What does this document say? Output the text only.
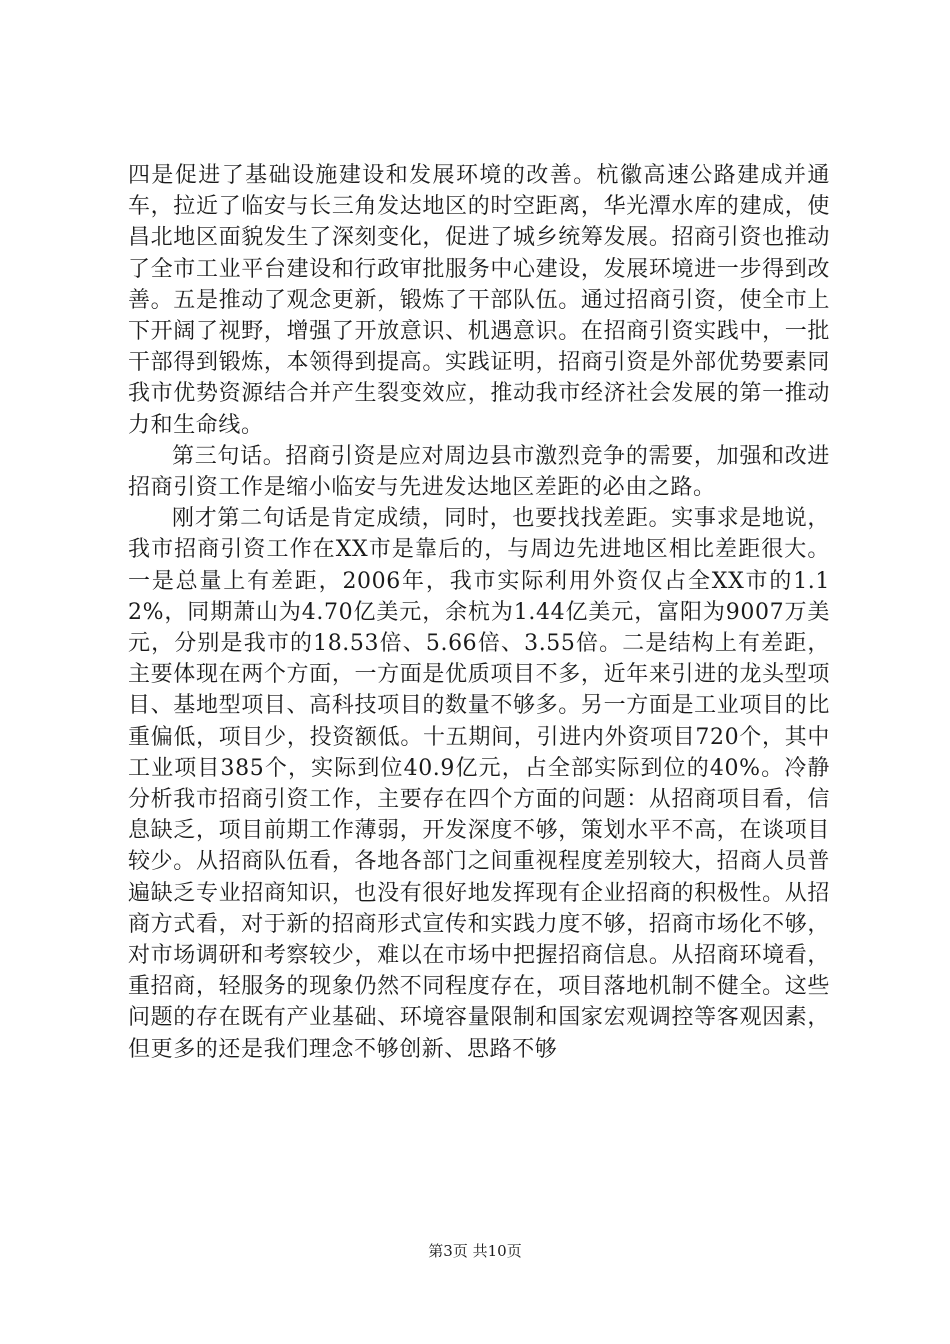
四是促进了基础设施建设和发展环境的改善。杭徽高速公路建成并通车，拉近了临安与长三角发达地区的时空距离，华光潭水库的建成，使昌北地区面貌发生了深刻变化，促进了城乡统筹发展。招商引资也推动了全市工业平台建设和行政审批服务中心建设，发展环境进一步得到改善。五是推动了观念更新，锻炼了干部队伍。通过招商引资，使全市上下开阔了视野，增强了开放意识、机遇意识。在招商引资实践中，一批干部得到锻炼，本领得到提高。实践证明，招商引资是外部优势要素同我市优势资源结合并产生裂变效应，推动我市经济社会发展的第一推动力和生命线。

第三句话。招商引资是应对周边县市激烈竞争的需要，加强和改进招商引资工作是缩小临安与先进发达地区差距的必由之路。

刚才第二句话是肯定成绩，同时，也要找找差距。实事求是地说，我市招商引资工作在XX市是靠后的，与周边先进地区相比差距很大。一是总量上有差距，2006年，我市实际利用外资仅占全XX市的1.12%，同期萧山为4.70亿美元，余杭为1.44亿美元，富阳为9007万美元，分别是我市的18.53倍、5.66倍、3.55倍。二是结构上有差距，主要体现在两个方面，一方面是优质项目不多，近年来引进的龙头型项目、基地型项目、高科技项目的数量不够多。另一方面是工业项目的比重偏低，项目少，投资额低。十五期间，引进内外资项目720个，其中工业项目385个，实际到位40.9亿元，占全部实际到位的40%。冷静分析我市招商引资工作，主要存在四个方面的问题：从招商项目看，信息缺乏，项目前期工作薄弱，开发深度不够，策划水平不高，在谈项目较少。从招商队伍看，各地各部门之间重视程度差别较大，招商人员普遍缺乏专业招商知识，也没有很好地发挥现有企业招商的积极性。从招商方式看，对于新的招商形式宣传和实践力度不够，招商市场化不够，对市场调研和考察较少，难以在市场中把握招商信息。从招商环境看，重招商，轻服务的现象仍然不同程度存在，项目落地机制不健全。这些问题的存在既有产业基础、环境容量限制和国家宏观调控等客观因素，但更多的还是我们理念不够创新、思路不够

第3页 共10页
